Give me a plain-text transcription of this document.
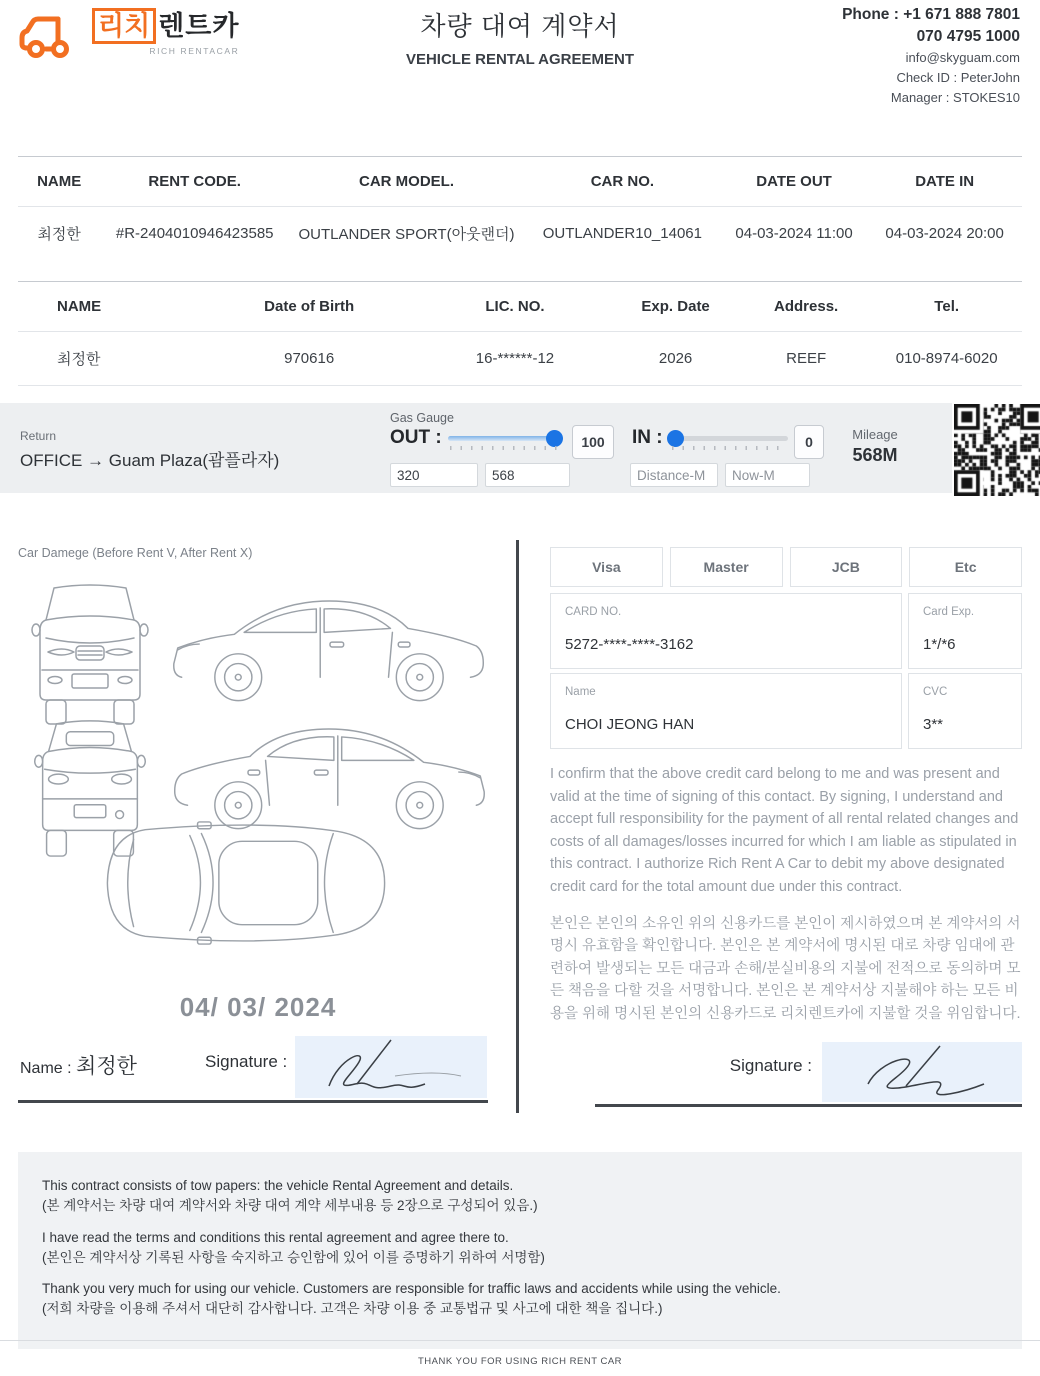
리치 렌트카
RICH RENTACAR
차량 대여 계약서
VEHICLE RENTAL AGREEMENT
Phone : +1 671 888 7801
070 4795 1000
info@skyguam.com
Check ID : PeterJohn
Manager : STOKES10
NAME	RENT CODE.	CAR MODEL.	CAR NO.	DATE OUT	DATE IN
최정한	#R-2404010946423585	OUTLANDER SPORT(아웃랜더)	OUTLANDER10_14061	04-03-2024 11:00	04-03-2024 20:00
NAME	Date of Birth	LIC. NO.	Exp. Date	Address.	Tel.
최정한	970616	16-******-12	2026	REEF	010-8974-6020
Return
OFFICE → Guam Plaza(괌플라자)
Gas Gauge
OUT :	100
320
568	IN :	0
Distance-M
Now-M	Mileage
568M
Car Damege (Before Rent V, After Rent X)
04/ 03/ 2024
Name : 최정한	Signature :
Visa	Master	JCB	Etc
CARD NO.
5272-****-****-3162
Card Exp.
1*/*6
Name
CHOI JEONG HAN
CVC
3**
I confirm that the above credit card belong to me and was present and valid at the time of signing of this contact. By signing, I understand and accept full responsibility for the payment of all rental related changes and costs of all damages/losses incurred for which I am liable as stipulated in this contract. I authorize Rich Rent A Car to debit my above designated credit card for the total amount due under this contract.
본인은 본인의 소유인 위의 신용카드를 본인이 제시하였으며 본 계약서의 서명시 유효함을 확인합니다. 본인은 본 계약서에 명시된 대로 차량 임대에 관련하여 발생되는 모든 대금과 손해/분실비용의 지불에 전적으로 동의하며 모든 책음을 다할 것을 서명합니다. 본인은 본 계약서상 지불해야 하는 모든 비용을 위해 명시된 본인의 신용카드로 리치렌트카에 지불할 것을 위임합니다.
Signature :
This contract consists of tow papers: the vehicle Rental Agreement and details.
(본 계약서는 차량 대여 계약서와 차량 대여 계약 세부내용 등 2장으로 구성되어 있음.)
I have read the terms and conditions this rental agreement and agree there to.
(본인은 계약서상 기록된 사항을 숙지하고 승인함에 있어 이를 증명하기 위하여 서명함)
Thank you very much for using our vehicle. Customers are responsible for traffic laws and accidents while using the vehicle.
(저희 차량을 이용해 주셔서 대단히 감사합니다. 고객은 차량 이용 중 교통법규 및 사고에 대한 책을 집니다.)
THANK YOU FOR USING RICH RENT CAR
